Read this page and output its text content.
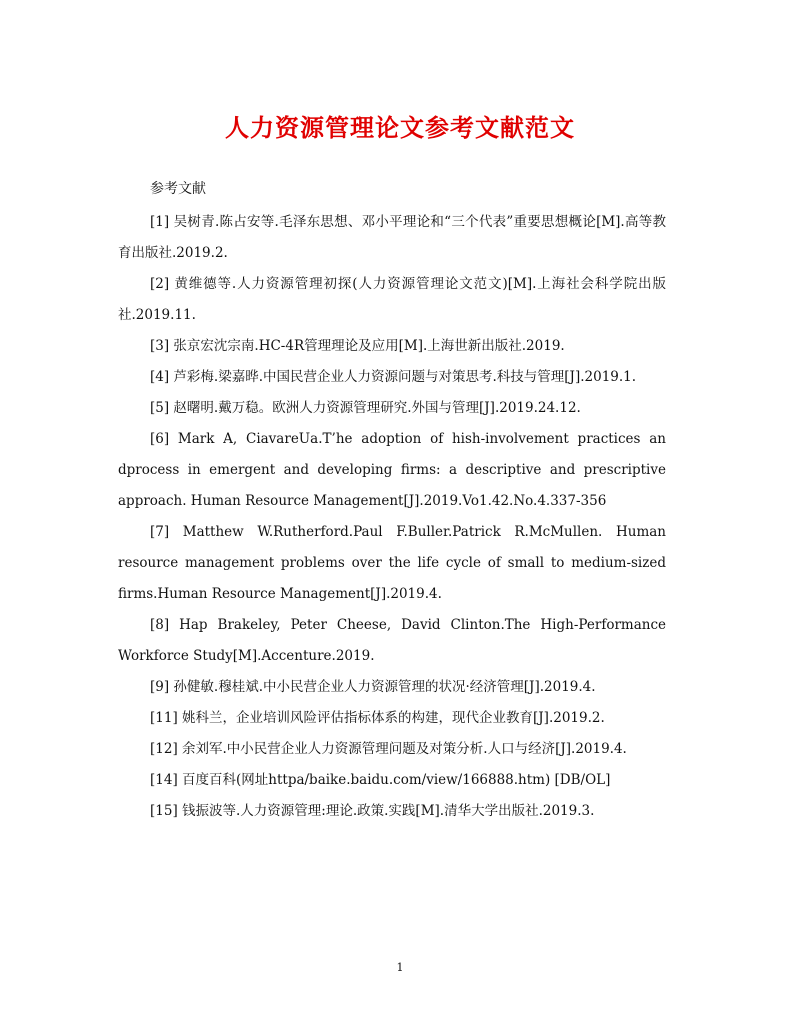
人力资源管理论文参考文献范文
参考文献

[1] 吴树青.陈占安等.毛泽东思想、邓小平理论和“三个代表”重要思想概论[M].高等教育出版社.2019.2.

[2] 黄维德等.人力资源管理初探(人力资源管理论文范文)[M].上海社会科学院出版社.2019.11.

[3] 张京宏沈宗南.HC-4R管理理论及应用[M].上海世新出版社.2019.

[4] 芦彩梅.梁嘉晔.中国民营企业人力资源问题与对策思考.科技与管理[J].2019.1.

[5] 赵曙明.戴万稳。欧洲人力资源管理研究.外国与管理[J].2019.24.12.

[6] Mark A, CiavareUa.T’he adoption of hish-involvement practices an dprocess in emergent and developing firms: a descriptive and prescriptive approach. Human Resource Management[J].2019.Vo1.42.No.4.337-356

[7] Matthew W.Rutherford.Paul F.Buller.Patrick R.McMullen. Human resource management problems over the life cycle of small to medium-sized firms.Human Resource Management[J].2019.4.

[8] Hap Brakeley, Peter Cheese, David Clinton.The High-Performance Workforce Study[M].Accenture.2019.

[9] 孙健敏.穆桂斌.中小民营企业人力资源管理的状况·经济管理[J].2019.4.

[11] 姚科兰，企业培训风险评估指标体系的构建，现代企业教育[J].2019.2.

[12] 余刘军.中小民营企业人力资源管理问题及对策分析.人口与经济[J].2019.4.

[14] 百度百科(网址httpa/baike.baidu.com/view/166888.htm) [DB/OL]

[15] 钱振波等.人力资源管理:理论.政策.实践[M].清华大学出版社.2019.3.

1
